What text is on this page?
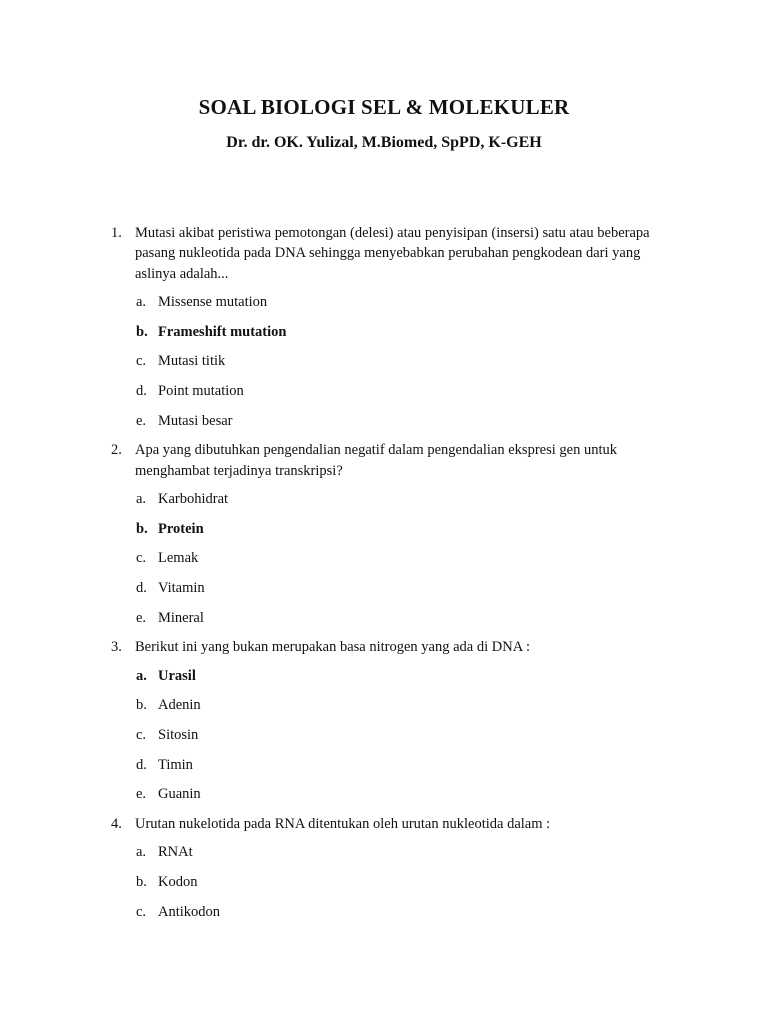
SOAL BIOLOGI SEL & MOLEKULER
Dr. dr. OK. Yulizal, M.Biomed, SpPD, K-GEH
1. Mutasi akibat peristiwa pemotongan (delesi) atau penyisipan (insersi) satu atau beberapa pasang nukleotida pada DNA sehingga menyebabkan perubahan pengkodean dari yang aslinya adalah...
a. Missense mutation
b. Frameshift mutation
c. Mutasi titik
d. Point mutation
e. Mutasi besar
2. Apa yang dibutuhkan pengendalian negatif dalam pengendalian ekspresi gen untuk menghambat terjadinya transkripsi?
a. Karbohidrat
b. Protein
c. Lemak
d. Vitamin
e. Mineral
3. Berikut ini yang bukan merupakan basa nitrogen yang ada di DNA :
a. Urasil
b. Adenin
c. Sitosin
d. Timin
e. Guanin
4. Urutan nukelotida pada RNA ditentukan oleh urutan nukleotida dalam :
a. RNAt
b. Kodon
c. Antikodon
